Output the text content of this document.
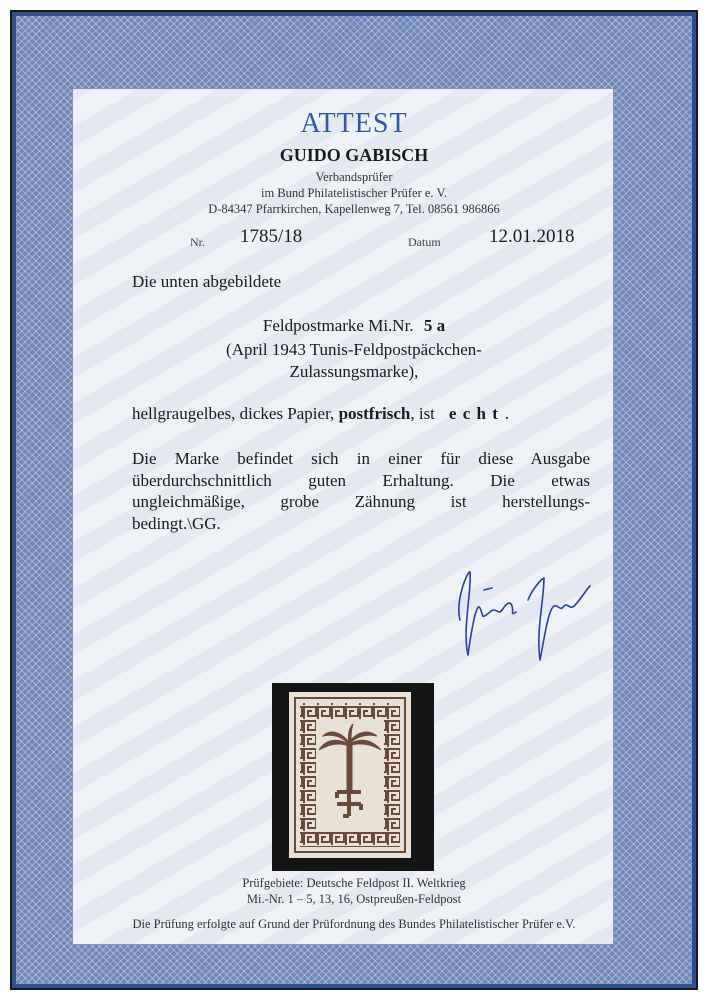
ATTEST
GUIDO GABISCH
Verbandsprüfer
im Bund Philatelistischer Prüfer e. V.
D-84347 Pfarrkirchen, Kapellenweg 7, Tel. 08561 986866
Nr. 1785/18	Datum	12.01.2018
Die unten abgebildete
Feldpostmarke Mi.Nr. 5 a
(April 1943 Tunis-Feldpostpäckchen-
Zulassungsmarke),
hellgraugelbes, dickes Papier, postfrisch, ist e c h t .
Die Marke befindet sich in einer für diese Ausgabe
überdurchschnittlich guten Erhaltung. Die etwas
ungleichmäßige, grobe Zähnung ist herstellungs-
bedingt.\GG.
Prüfgebiete: Deutsche Feldpost II. Weltkrieg
Mi.-Nr. 1 – 5, 13, 16, Ostpreußen-Feldpost
Die Prüfung erfolgte auf Grund der Prüfordnung des Bundes Philatelistischer Prüfer e.V.
